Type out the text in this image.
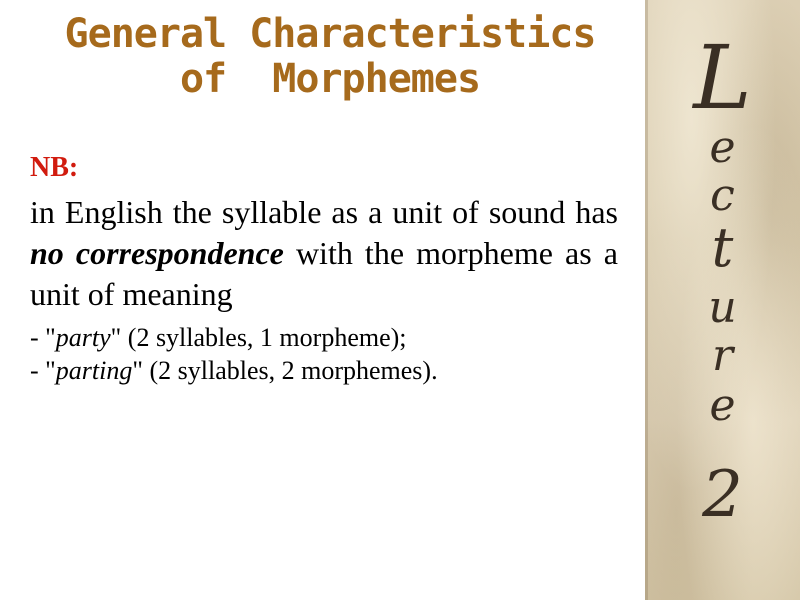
General Characteristics
of  Morphemes

NB:

in English the syllable as a unit of sound has no correspondence with the morpheme as a unit of meaning

- "party" (2 syllables, 1 morpheme);

- "parting" (2 syllables, 2 morphemes).

L
e
c
t
u
r
e
2
